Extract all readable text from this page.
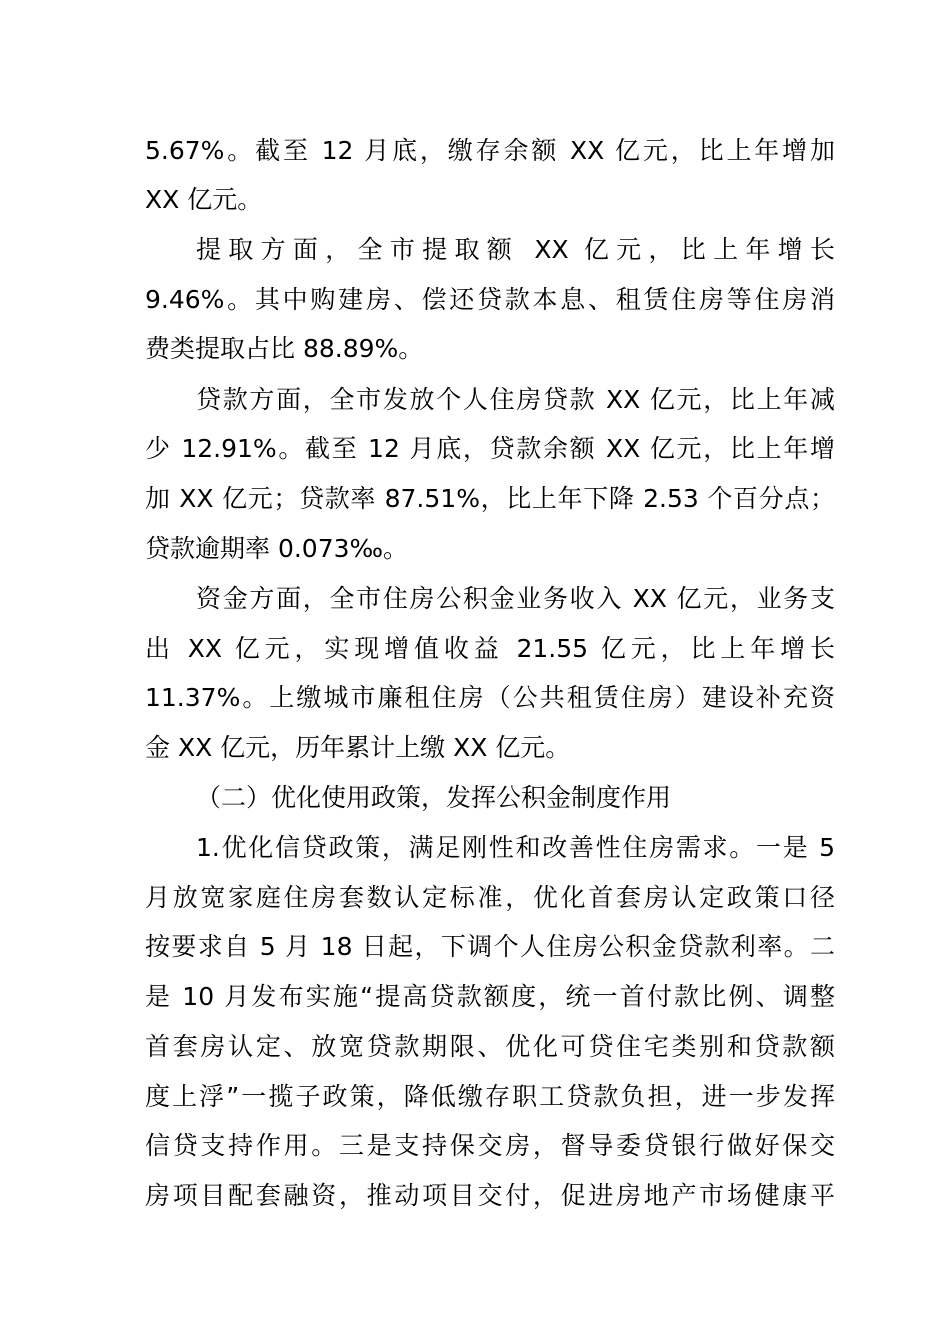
5.67%。截至 12 月底，缴存余额 XX 亿元，比上年增加
XX 亿元。
提取方面，全市提取额 XX 亿元，比上年增长
9.46%。其中购建房、偿还贷款本息、租赁住房等住房消
费类提取占比 88.89%。
贷款方面，全市发放个人住房贷款 XX 亿元，比上年减
少 12.91%。截至 12 月底，贷款余额 XX 亿元，比上年增
加 XX 亿元；贷款率 87.51%，比上年下降 2.53 个百分点；
贷款逾期率 0.073‰。
资金方面，全市住房公积金业务收入 XX 亿元，业务支
出 XX 亿元，实现增值收益 21.55 亿元，比上年增长
11.37%。上缴城市廉租住房（公共租赁住房）建设补充资
金 XX 亿元，历年累计上缴 XX 亿元。
（二）优化使用政策，发挥公积金制度作用
1.优化信贷政策，满足刚性和改善性住房需求。一是 5
月放宽家庭住房套数认定标准，优化首套房认定政策口径
按要求自 5 月 18 日起，下调个人住房公积金贷款利率。二
是 10 月发布实施“提高贷款额度，统一首付款比例、调整
首套房认定、放宽贷款期限、优化可贷住宅类别和贷款额
度上浮”一揽子政策，降低缴存职工贷款负担，进一步发挥
信贷支持作用。三是支持保交房，督导委贷银行做好保交
房项目配套融资，推动项目交付，促进房地产市场健康平
